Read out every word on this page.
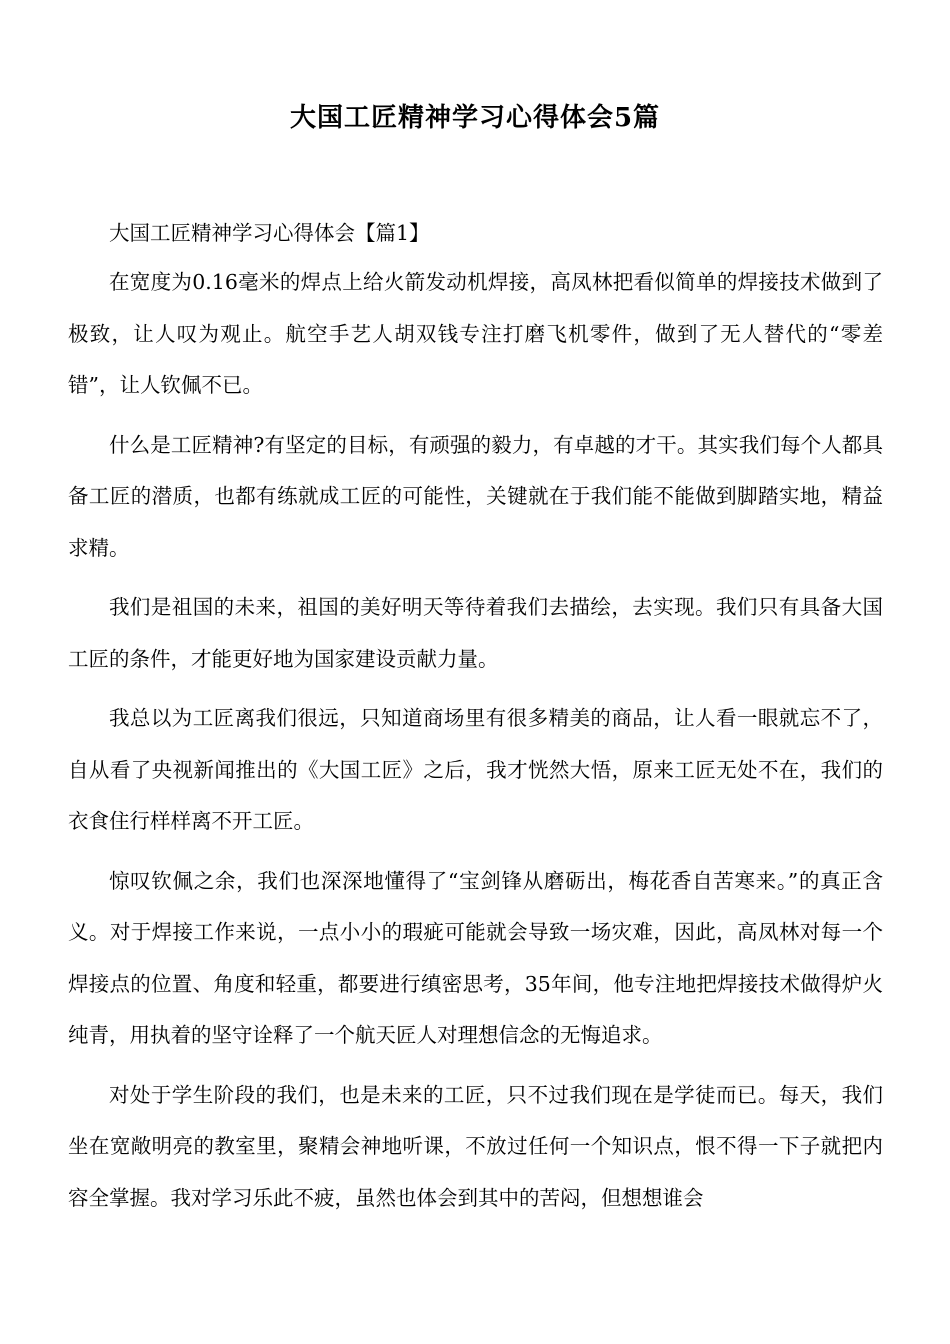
大国工匠精神学习心得体会5篇

大国工匠精神学习心得体会【篇1】

在宽度为0.16毫米的焊点上给火箭发动机焊接，高凤林把看似简单的焊接技术做到了极致，让人叹为观止。航空手艺人胡双钱专注打磨飞机零件，做到了无人替代的“零差错”，让人钦佩不已。

什么是工匠精神?有坚定的目标，有顽强的毅力，有卓越的才干。其实我们每个人都具备工匠的潜质，也都有练就成工匠的可能性，关键就在于我们能不能做到脚踏实地，精益求精。

我们是祖国的未来，祖国的美好明天等待着我们去描绘，去实现。我们只有具备大国工匠的条件，才能更好地为国家建设贡献力量。

我总以为工匠离我们很远，只知道商场里有很多精美的商品，让人看一眼就忘不了，自从看了央视新闻推出的《大国工匠》之后，我才恍然大悟，原来工匠无处不在，我们的衣食住行样样离不开工匠。

惊叹钦佩之余，我们也深深地懂得了“宝剑锋从磨砺出，梅花香自苦寒来。”的真正含义。对于焊接工作来说，一点小小的瑕疵可能就会导致一场灾难，因此，高凤林对每一个焊接点的位置、角度和轻重，都要进行缜密思考，35年间，他专注地把焊接技术做得炉火纯青，用执着的坚守诠释了一个航天匠人对理想信念的无悔追求。

对处于学生阶段的我们，也是未来的工匠，只不过我们现在是学徒而已。每天，我们坐在宽敞明亮的教室里，聚精会神地听课，不放过任何一个知识点，恨不得一下子就把内容全掌握。我对学习乐此不疲，虽然也体会到其中的苦闷，但想想谁会
